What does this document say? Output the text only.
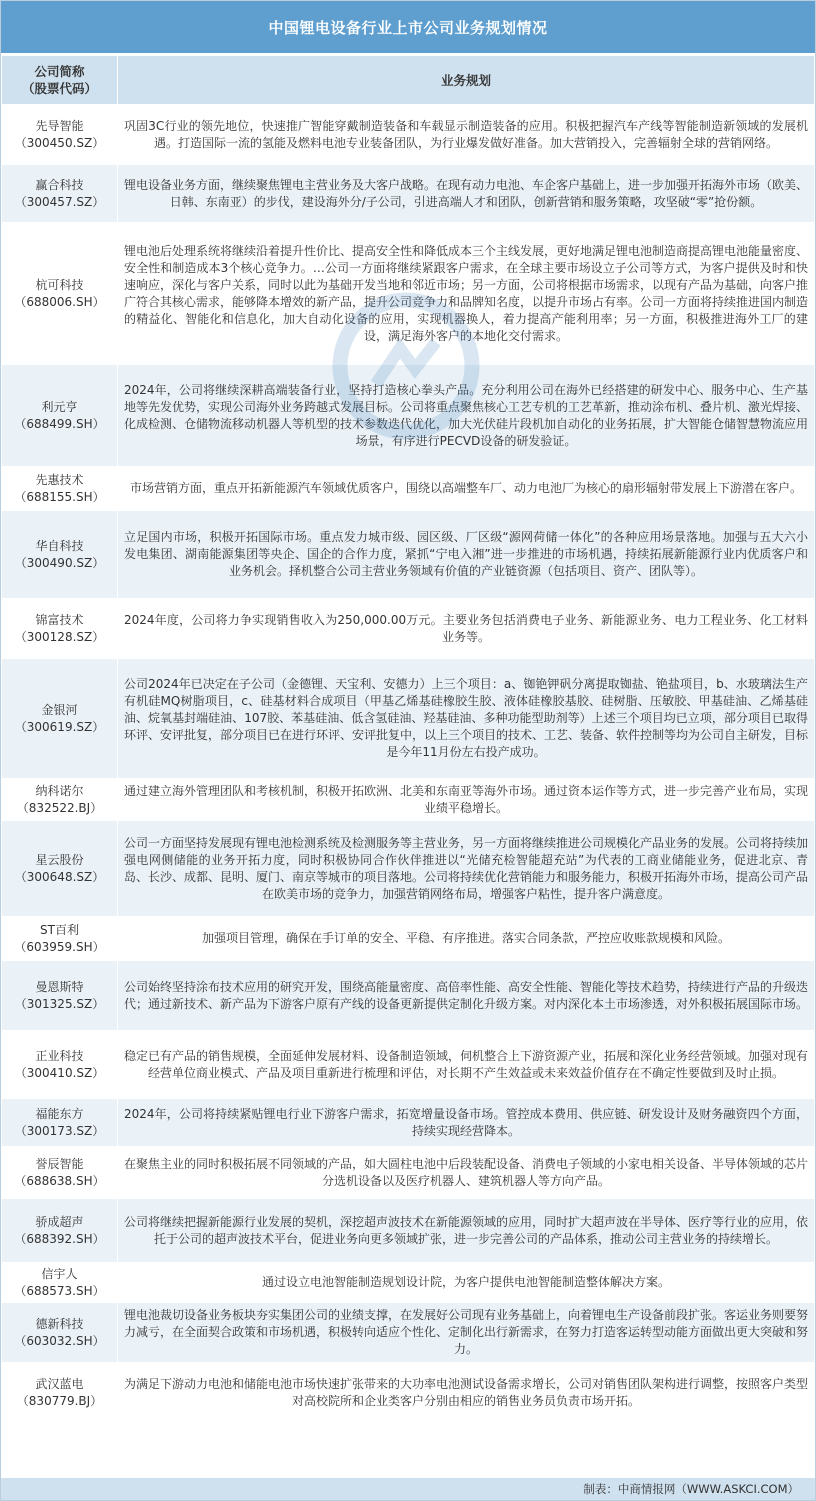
中国锂电设备行业上市公司业务规划情况
公司简称
（股票代码）	业务规划

先导智能
（300450.SZ）	巩固3C行业的领先地位，快速推广智能穿戴制造装备和车载显示制造装备的应用。积极把握汽车产线等智能制造新领域的发展机遇。打造国际一流的氢能及燃料电池专业装备团队，为行业爆发做好准备。加大营销投入，完善辐射全球的营销网络。

赢合科技
（300457.SZ）	锂电设备业务方面，继续聚焦锂电主营业务及大客户战略。在现有动力电池、车企客户基础上，进一步加强开拓海外市场（欧美、日韩、东南亚）的步伐，建设海外分/子公司，引进高端人才和团队，创新营销和服务策略，攻坚破“零”抢份额。

杭可科技
（688006.SH）	锂电池后处理系统将继续沿着提升性价比、提高安全性和降低成本三个主线发展，更好地满足锂电池制造商提高锂电池能量密度、安全性和制造成本3个核心竞争力。…公司一方面将继续紧跟客户需求，在全球主要市场设立子公司等方式，为客户提供及时和快速响应，深化与客户关系，同时以此为基础开发当地和邻近市场；另一方面，公司将根据市场需求，以现有产品为基础，向客户推广符合其核心需求，能够降本增效的新产品，提升公司竞争力和品牌知名度，以提升市场占有率。公司一方面将持续推进国内制造的精益化、智能化和信息化，加大自动化设备的应用，实现机器换人，着力提高产能利用率；另一方面，积极推进海外工厂的建设，满足海外客户的本地化交付需求。

利元亨
（688499.SH）	2024年，公司将继续深耕高端装备行业，坚持打造核心拳头产品。充分利用公司在海外已经搭建的研发中心、服务中心、生产基地等先发优势，实现公司海外业务跨越式发展目标。公司将重点聚焦核心工艺专机的工艺革新，推动涂布机、叠片机、激光焊接、化成检测、仓储物流移动机器人等机型的技术参数迭代优化，加大光伏硅片段机加自动化的业务拓展，扩大智能仓储智慧物流应用场景，有序进行PECVD设备的研发验证。

先惠技术
（688155.SH）	市场营销方面，重点开拓新能源汽车领域优质客户，围绕以高端整车厂、动力电池厂为核心的扇形辐射带发展上下游潜在客户。

华自科技
（300490.SZ）	立足国内市场，积极开拓国际市场。重点发力城市级、园区级、厂区级“源网荷储一体化”的各种应用场景落地。加强与五大六小发电集团、湖南能源集团等央企、国企的合作力度，紧抓“宁电入湘”进一步推进的市场机遇，持续拓展新能源行业内优质客户和业务机会。择机整合公司主营业务领域有价值的产业链资源（包括项目、资产、团队等）。

锦富技术
（300128.SZ）	2024年度，公司将力争实现销售收入为250,000.00万元。主要业务包括消费电子业务、新能源业务、电力工程业务、化工材料业务等。

金银河
（300619.SZ）	公司2024年已决定在子公司（金德锂、天宝利、安德力）上三个项目：a、铷铯钾矾分离提取铷盐、铯盐项目，b、水玻璃法生产有机硅MQ树脂项目，c、硅基材料合成项目（甲基乙烯基硅橡胶生胶、液体硅橡胶基胶、硅树脂、压敏胶、甲基硅油、乙烯基硅油、烷氧基封端硅油、107胶、苯基硅油、低含氢硅油、羟基硅油、多种功能型助剂等）上述三个项目均已立项，部分项目已取得环评、安评批复，部分项目已在进行环评、安评批复中，以上三个项目的技术、工艺、装备、软件控制等均为公司自主研发，目标是今年11月份左右投产成功。

纳科诺尔
（832522.BJ）	通过建立海外管理团队和考核机制，积极开拓欧洲、北美和东南亚等海外市场。通过资本运作等方式，进一步完善产业布局，实现业绩平稳增长。

星云股份
（300648.SZ）	公司一方面坚持发展现有锂电池检测系统及检测服务等主营业务，另一方面将继续推进公司规模化产品业务的发展。公司将持续加强电网侧储能的业务开拓力度，同时积极协同合作伙伴推进以“光储充检智能超充站”为代表的工商业储能业务，促进北京、青岛、长沙、成都、昆明、厦门、南京等城市的项目落地。公司将持续优化营销能力和服务能力，积极开拓海外市场，提高公司产品在欧美市场的竞争力，加强营销网络布局，增强客户粘性，提升客户满意度。

ST百利
（603959.SH）	加强项目管理，确保在手订单的安全、平稳、有序推进。落实合同条款，严控应收账款规模和风险。

曼恩斯特
（301325.SZ）	公司始终坚持涂布技术应用的研究开发，围绕高能量密度、高倍率性能、高安全性能、智能化等技术趋势，持续进行产品的升级迭代；通过新技术、新产品为下游客户原有产线的设备更新提供定制化升级方案。对内深化本土市场渗透，对外积极拓展国际市场。

正业科技
（300410.SZ）	稳定已有产品的销售规模，全面延伸发展材料、设备制造领域，伺机整合上下游资源产业，拓展和深化业务经营领域。加强对现有经营单位商业模式、产品及项目重新进行梳理和评估，对长期不产生效益或未来效益价值存在不确定性要做到及时止损。

福能东方
（300173.SZ）	2024年，公司将持续紧贴锂电行业下游客户需求，拓宽增量设备市场。管控成本费用、供应链、研发设计及财务融资四个方面，持续实现经营降本。

誉辰智能
（688638.SH）	在聚焦主业的同时积极拓展不同领域的产品，如大圆柱电池中后段装配设备、消费电子领域的小家电相关设备、半导体领域的芯片分选机设备以及医疗机器人、建筑机器人等方向产品。

骄成超声
（688392.SH）	公司将继续把握新能源行业发展的契机，深挖超声波技术在新能源领域的应用，同时扩大超声波在半导体、医疗等行业的应用，依托于公司的超声波技术平台，促进业务向更多领域扩张，进一步完善公司的产品体系，推动公司主营业务的持续增长。

信宇人
（688573.SH）	通过设立电池智能制造规划设计院，为客户提供电池智能制造整体解决方案。

德新科技
（603032.SH）	锂电池裁切设备业务板块夯实集团公司的业绩支撑，在发展好公司现有业务基础上，向着锂电生产设备前段扩张。客运业务则要努力减亏，在全面契合政策和市场机遇，积极转向适应个性化、定制化出行新需求，在努力打造客运转型动能方面做出更大突破和努力。

武汉蓝电
（830779.BJ）	为满足下游动力电池和储能电池市场快速扩张带来的大功率电池测试设备需求增长，公司对销售团队架构进行调整，按照客户类型对高校院所和企业类客户分别由相应的销售业务员负责市场开拓。
制表：中商情报网（WWW.ASKCI.COM）
